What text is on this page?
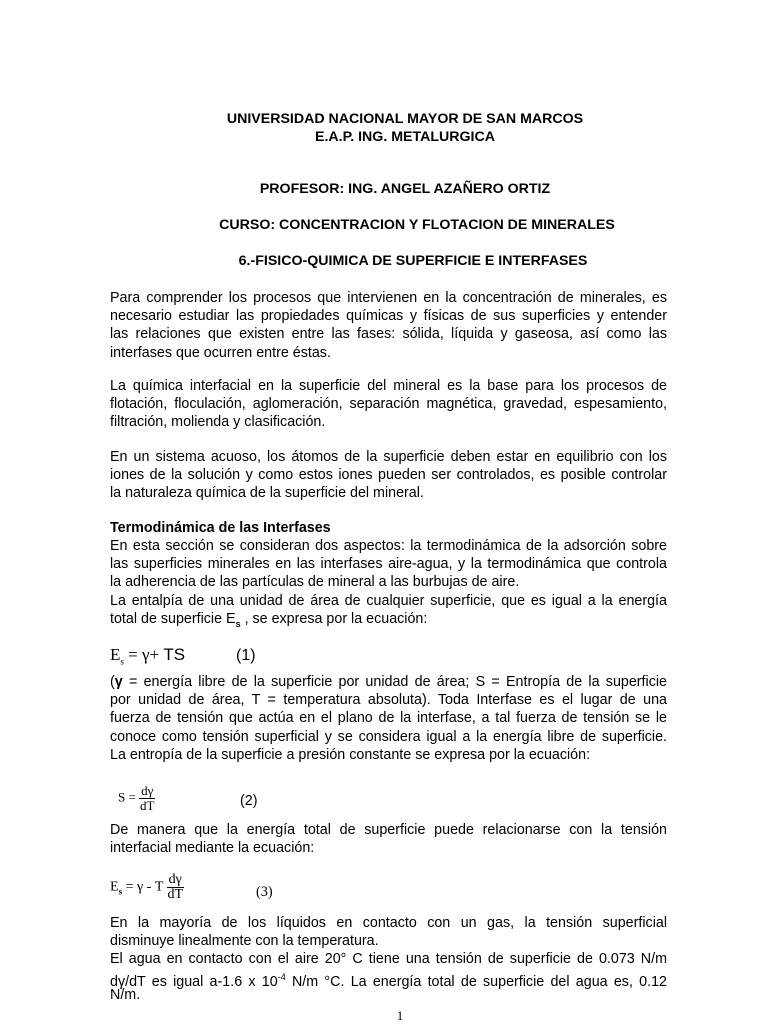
UNIVERSIDAD NACIONAL MAYOR DE SAN MARCOS
E.A.P. ING. METALURGICA
PROFESOR: ING. ANGEL AZAÑERO ORTIZ
CURSO: CONCENTRACION Y FLOTACION DE MINERALES
6.-FISICO-QUIMICA DE SUPERFICIE E INTERFASES
Para comprender los procesos que intervienen en la concentración de minerales, es
necesario estudiar las propiedades químicas y físicas de sus superficies y entender
las relaciones que existen entre las fases: sólida, líquida y gaseosa, así como las
interfases que ocurren entre éstas.
La química interfacial en la superficie del mineral es la base para los procesos de
flotación, floculación, aglomeración, separación magnética, gravedad, espesamiento,
filtración, molienda y clasificación.
En un sistema acuoso, los átomos de la superficie deben estar en equilibrio con los
iones de la solución y como estos iones pueden ser controlados, es posible controlar
la naturaleza química de la superficie del mineral.
Termodinámica de las Interfases
En esta sección se consideran dos aspectos: la termodinámica de la adsorción sobre
las superficies minerales en las interfases aire-agua, y la termodinámica que controla
la adherencia de las partículas de mineral a las burbujas de aire.
La entalpía de una unidad de área de cualquier superficie, que es igual a la energía
total de superficie $E_s$ , se expresa por la ecuación:
$E_s = \gamma+$ TS	(1)
(γ = energía libre de la superficie por unidad de área; S = Entropía de la superficie
por unidad de área, T = temperatura absoluta). Toda Interfase es el lugar de una
fuerza de tensión que actúa en el plano de la interfase, a tal fuerza de tensión se le
conoce como tensión superficial y se considera igual a la energía libre de superficie.
La entropía de la superficie a presión constante se expresa por la ecuación:
$S = \frac{d\gamma}{dT}$	(2)
De manera que la energía total de superficie puede relacionarse con la tensión
interfacial mediante la ecuación:
$E_s = \gamma - T \frac{d\gamma}{dT}$	(3)
En la mayoría de los líquidos en contacto con un gas, la tensión superficial
disminuye linealmente con la temperatura.
El agua en contacto con el aire 20° C tiene una tensión de superficie de 0.073 N/m
dγ/dT es igual a-1.6 x $10^{-4}$ N/m °C. La energía total de superficie del agua es, 0.12
N/m.
1
